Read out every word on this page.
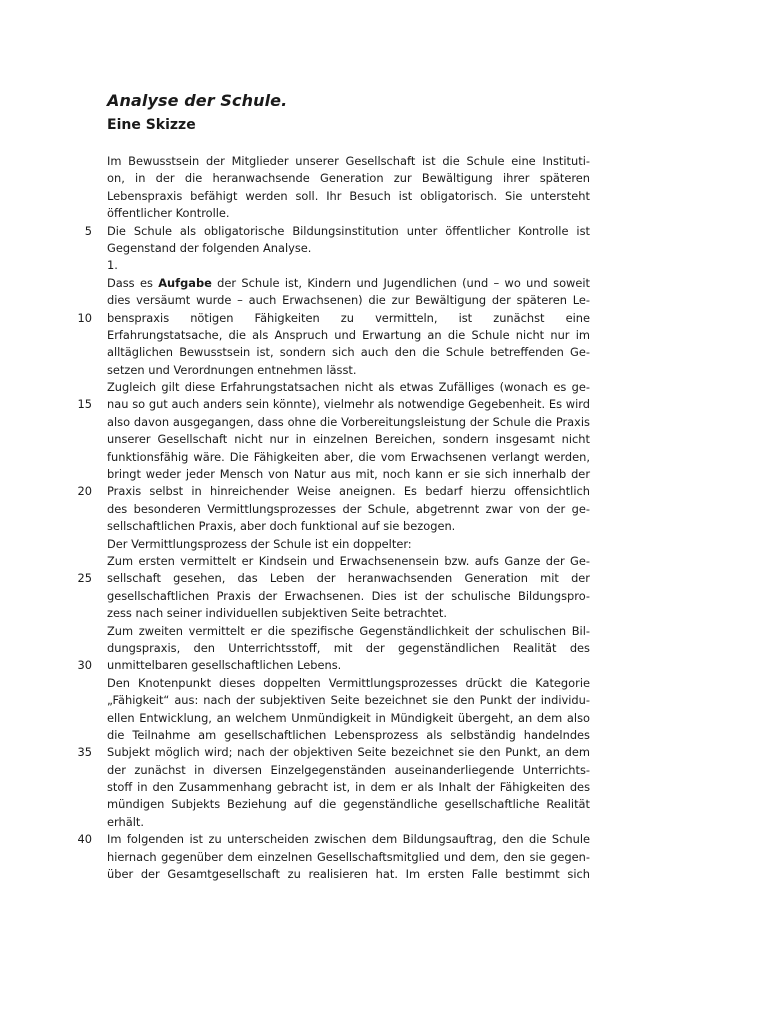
Analyse der Schule.
Eine Skizze
Im Bewusstsein der Mitglieder unserer Gesellschaft ist die Schule eine Instituti-
on, in der die heranwachsende Generation zur Bewältigung ihrer späteren
Lebenspraxis befähigt werden soll. Ihr Besuch ist obligatorisch. Sie untersteht
öffentlicher Kontrolle.
5 Die Schule als obligatorische Bildungsinstitution unter öffentlicher Kontrolle ist
Gegenstand der folgenden Analyse.
1.
Dass es Aufgabe der Schule ist, Kindern und Jugendlichen (und – wo und soweit
dies versäumt wurde – auch Erwachsenen) die zur Bewältigung der späteren Le-
10 benspraxis nötigen Fähigkeiten zu vermitteln, ist zunächst eine
Erfahrungstatsache, die als Anspruch und Erwartung an die Schule nicht nur im
alltäglichen Bewusstsein ist, sondern sich auch den die Schule betreffenden Ge-
setzen und Verordnungen entnehmen lässt.
Zugleich gilt diese Erfahrungstatsachen nicht als etwas Zufälliges (wonach es ge-
15 nau so gut auch anders sein könnte), vielmehr als notwendige Gegebenheit. Es wird
also davon ausgegangen, dass ohne die Vorbereitungsleistung der Schule die Praxis
unserer Gesellschaft nicht nur in einzelnen Bereichen, sondern insgesamt nicht
funktionsfähig wäre. Die Fähigkeiten aber, die vom Erwachsenen verlangt werden,
bringt weder jeder Mensch von Natur aus mit, noch kann er sie sich innerhalb der
20 Praxis selbst in hinreichender Weise aneignen. Es bedarf hierzu offensichtlich
des besonderen Vermittlungsprozesses der Schule, abgetrennt zwar von der ge-
sellschaftlichen Praxis, aber doch funktional auf sie bezogen.
Der Vermittlungsprozess der Schule ist ein doppelter:
Zum ersten vermittelt er Kindsein und Erwachsenensein bzw. aufs Ganze der Ge-
25 sellschaft gesehen, das Leben der heranwachsenden Generation mit der
gesellschaftlichen Praxis der Erwachsenen. Dies ist der schulische Bildungspro-
zess nach seiner individuellen subjektiven Seite betrachtet.
Zum zweiten vermittelt er die spezifische Gegenständlichkeit der schulischen Bil-
dungspraxis, den Unterrichtsstoff, mit der gegenständlichen Realität des
30 unmittelbaren gesellschaftlichen Lebens.
Den Knotenpunkt dieses doppelten Vermittlungsprozesses drückt die Kategorie
„Fähigkeit“ aus: nach der subjektiven Seite bezeichnet sie den Punkt der individu-
ellen Entwicklung, an welchem Unmündigkeit in Mündigkeit übergeht, an dem also
die Teilnahme am gesellschaftlichen Lebensprozess als selbständig handelndes
35 Subjekt möglich wird; nach der objektiven Seite bezeichnet sie den Punkt, an dem
der zunächst in diversen Einzelgegenständen auseinanderliegende Unterrichts-
stoff in den Zusammenhang gebracht ist, in dem er als Inhalt der Fähigkeiten des
mündigen Subjekts Beziehung auf die gegenständliche gesellschaftliche Realität
erhält.
40 Im folgenden ist zu unterscheiden zwischen dem Bildungsauftrag, den die Schule
hiernach gegenüber dem einzelnen Gesellschaftsmitglied und dem, den sie gegen-
über der Gesamtgesellschaft zu realisieren hat. Im ersten Falle bestimmt sich
